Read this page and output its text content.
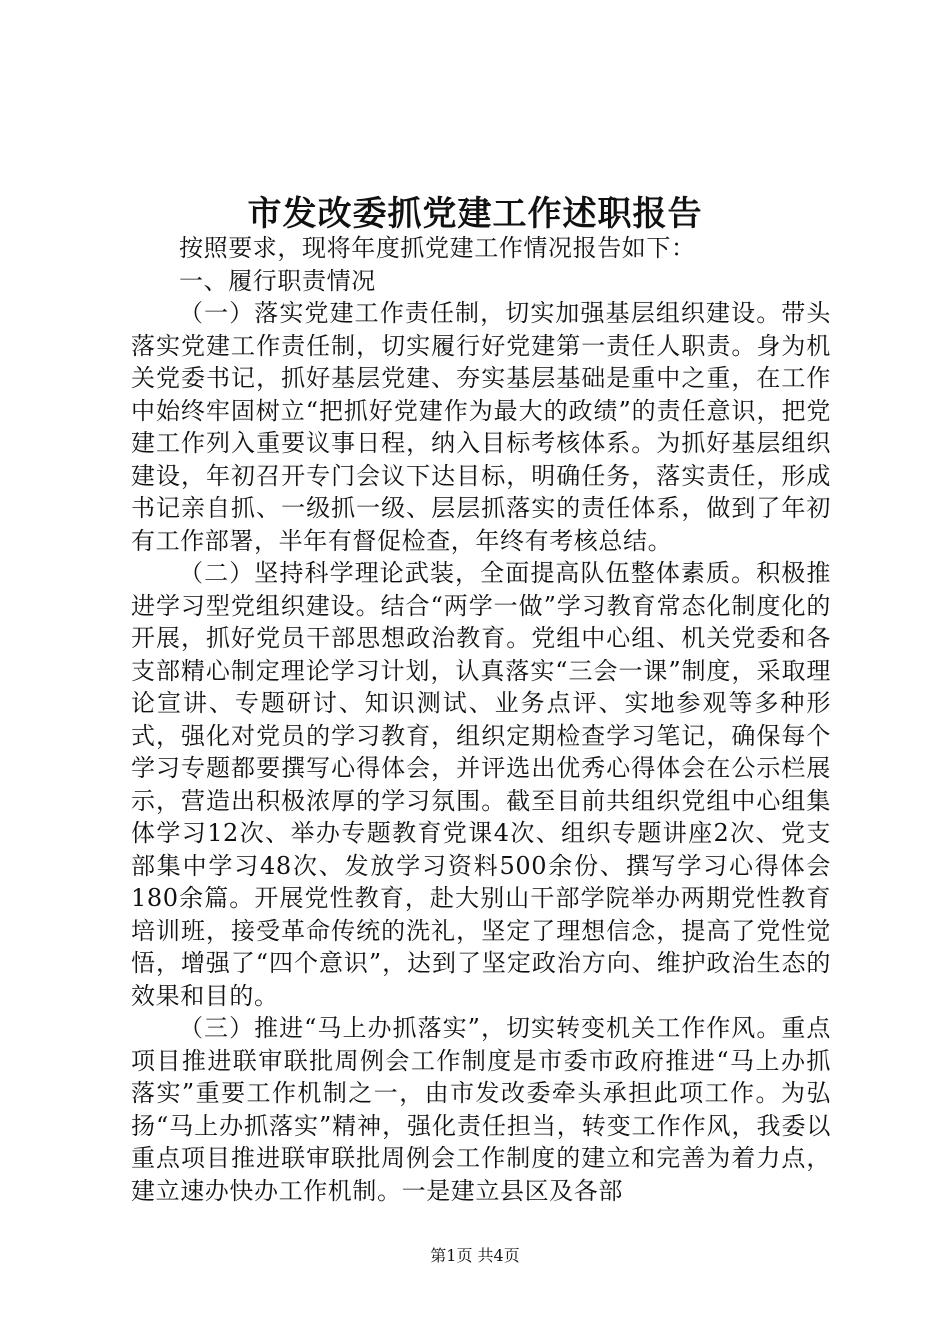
市发改委抓党建工作述职报告

按照要求，现将年度抓党建工作情况报告如下：

一、履行职责情况

（一）落实党建工作责任制，切实加强基层组织建设。带头落实党建工作责任制，切实履行好党建第一责任人职责。身为机关党委书记，抓好基层党建、夯实基层基础是重中之重，在工作中始终牢固树立“把抓好党建作为最大的政绩”的责任意识，把党建工作列入重要议事日程，纳入目标考核体系。为抓好基层组织建设，年初召开专门会议下达目标，明确任务，落实责任，形成书记亲自抓、一级抓一级、层层抓落实的责任体系，做到了年初有工作部署，半年有督促检查，年终有考核总结。

（二）坚持科学理论武装，全面提高队伍整体素质。积极推进学习型党组织建设。结合“两学一做”学习教育常态化制度化的开展，抓好党员干部思想政治教育。党组中心组、机关党委和各支部精心制定理论学习计划，认真落实“三会一课”制度，采取理论宣讲、专题研讨、知识测试、业务点评、实地参观等多种形式，强化对党员的学习教育，组织定期检查学习笔记，确保每个学习专题都要撰写心得体会，并评选出优秀心得体会在公示栏展示，营造出积极浓厚的学习氛围。截至目前共组织党组中心组集体学习12次、举办专题教育党课4次、组织专题讲座2次、党支部集中学习48次、发放学习资料500余份、撰写学习心得体会180余篇。开展党性教育，赴大别山干部学院举办两期党性教育培训班，接受革命传统的洗礼，坚定了理想信念，提高了党性觉悟，增强了“四个意识”，达到了坚定政治方向、维护政治生态的效果和目的。

（三）推进“马上办抓落实”，切实转变机关工作作风。重点项目推进联审联批周例会工作制度是市委市政府推进“马上办抓落实”重要工作机制之一，由市发改委牵头承担此项工作。为弘扬“马上办抓落实”精神，强化责任担当，转变工作作风，我委以重点项目推进联审联批周例会工作制度的建立和完善为着力点，建立速办快办工作机制。一是建立县区及各部

第1页 共4页
